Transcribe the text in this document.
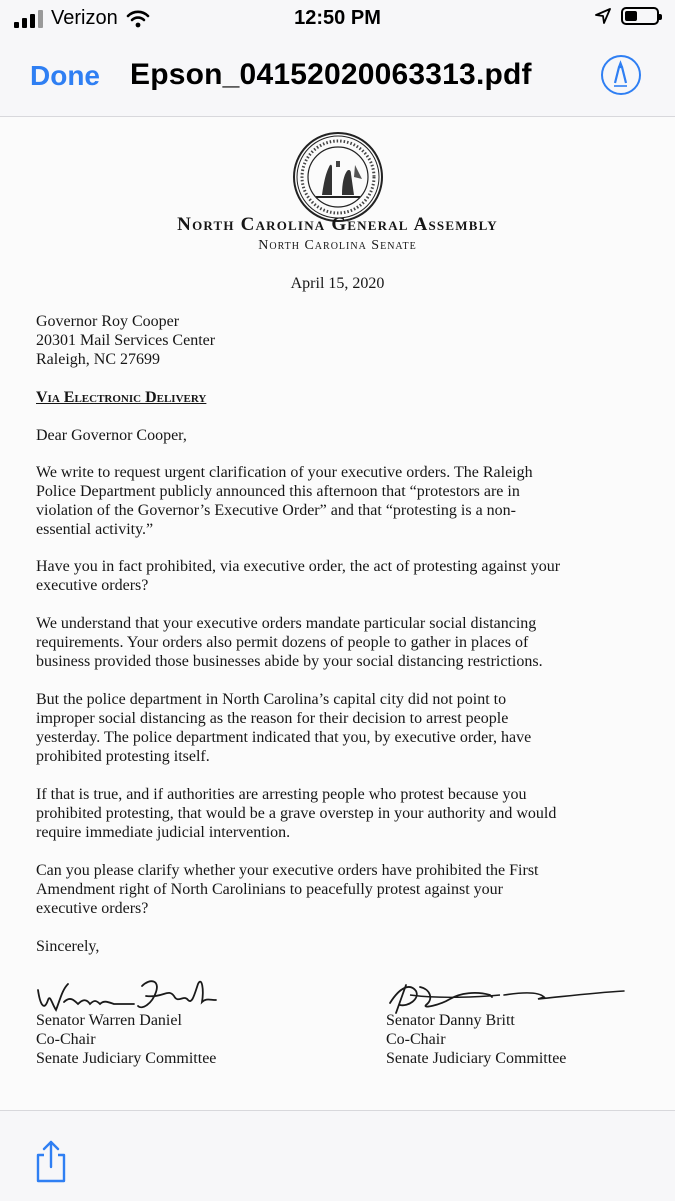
Verizon	12:50 PM
Done Epson_04152020063313.pdf
North Carolina General Assembly
North Carolina Senate
April 15, 2020
Governor Roy Cooper
20301 Mail Services Center
Raleigh, NC 27699
Via Electronic Delivery
Dear Governor Cooper,
We write to request urgent clarification of your executive orders. The Raleigh
Police Department publicly announced this afternoon that “protestors are in
violation of the Governor’s Executive Order” and that “protesting is a non-
essential activity.”
Have you in fact prohibited, via executive order, the act of protesting against your
executive orders?
We understand that your executive orders mandate particular social distancing
requirements. Your orders also permit dozens of people to gather in places of
business provided those businesses abide by your social distancing restrictions.
But the police department in North Carolina’s capital city did not point to
improper social distancing as the reason for their decision to arrest people
yesterday. The police department indicated that you, by executive order, have
prohibited protesting itself.
If that is true, and if authorities are arresting people who protest because you
prohibited protesting, that would be a grave overstep in your authority and would
require immediate judicial intervention.
Can you please clarify whether your executive orders have prohibited the First
Amendment right of North Carolinians to peacefully protest against your
executive orders?
Sincerely,
Senator Warren Daniel
Co-Chair
Senate Judiciary Committee
Senator Danny Britt
Co-Chair
Senate Judiciary Committee
